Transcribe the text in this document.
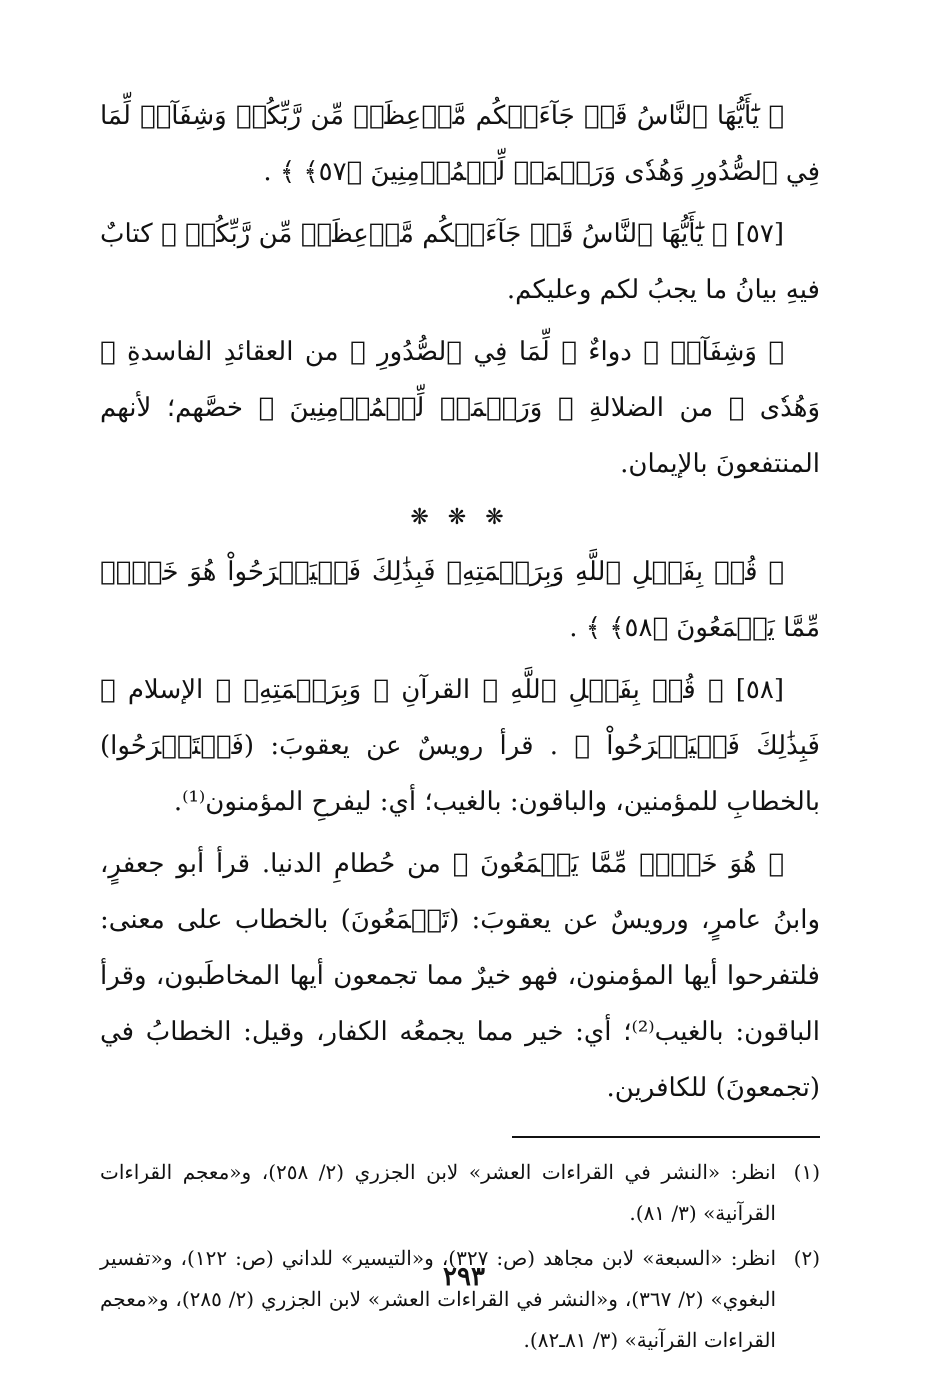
﴿ يَٰٓأَيُّهَا ٱلنَّاسُ قَدۡ جَآءَتۡكُم مَّوۡعِظَةٞ مِّن رَّبِّكُمۡ وَشِفَآءٞ لِّمَا فِي ٱلصُّدُورِ وَهُدٗى وَرَحۡمَةٞ لِّلۡمُؤۡمِنِينَ ﴿٥٧﴾ ﴾ .

[٥٧] ﴿ يَٰٓأَيُّهَا ٱلنَّاسُ قَدۡ جَآءَتۡكُم مَّوۡعِظَةٞ مِّن رَّبِّكُمۡ ﴾ كتابٌ فيهِ بيانُ ما يجبُ لكم وعليكم.

﴿ وَشِفَآءٞ ﴾ دواءٌ ﴿ لِّمَا فِي ٱلصُّدُورِ ﴾ من العقائدِ الفاسدةِ ﴿ وَهُدٗى ﴾ من الضلالةِ ﴿ وَرَحۡمَةٞ لِّلۡمُؤۡمِنِينَ ﴾ خصَّهم؛ لأنهم المنتفعونَ بالإيمان.

❋ ❋ ❋

﴿ قُلۡ بِفَضۡلِ ٱللَّهِ وَبِرَحۡمَتِهِۦ فَبِذَٰلِكَ فَلۡيَفۡرَحُواْ هُوَ خَيۡرٞ مِّمَّا يَجۡمَعُونَ ﴿٥٨﴾ ﴾ .

[٥٨] ﴿ قُلۡ بِفَضۡلِ ٱللَّهِ ﴾ القرآنِ ﴿ وَبِرَحۡمَتِهِۦ ﴾ الإسلام ﴿ فَبِذَٰلِكَ فَلۡيَفۡرَحُواْ ﴾ . قرأ رويسٌ عن يعقوبَ: (فَلۡتَفۡرَحُوا) بالخطابِ للمؤمنين، والباقون: بالغيب؛ أي: ليفرحِ المؤمنون⁽¹⁾.

﴿ هُوَ خَيۡرٞ مِّمَّا يَجۡمَعُونَ ﴾ من حُطامِ الدنيا. قرأ أبو جعفرٍ، وابنُ عامرٍ، ورويسٌ عن يعقوبَ: (تَجۡمَعُونَ) بالخطاب على معنى: فلتفرحوا أيها المؤمنون، فهو خيرٌ مما تجمعون أيها المخاطَبون، وقرأ الباقون: بالغيب⁽²⁾؛ أي: خير مما يجمعُه الكفار، وقيل: الخطابُ في (تجمعونَ) للكافرين.

(١)
انظر: «النشر في القراءات العشر» لابن الجزري (٢/ ٢٥٨)، و«معجم القراءات القرآنية» (٣/ ٨١).
(٢)
انظر: «السبعة» لابن مجاهد (ص: ٣٢٧)، و«التيسير» للداني (ص: ١٢٢)، و«تفسير البغوي» (٢/ ٣٦٧)، و«النشر في القراءات العشر» لابن الجزري (٢/ ٢٨٥)، و«معجم القراءات القرآنية» (٣/ ٨١ـ٨٢).
٢٩٣
